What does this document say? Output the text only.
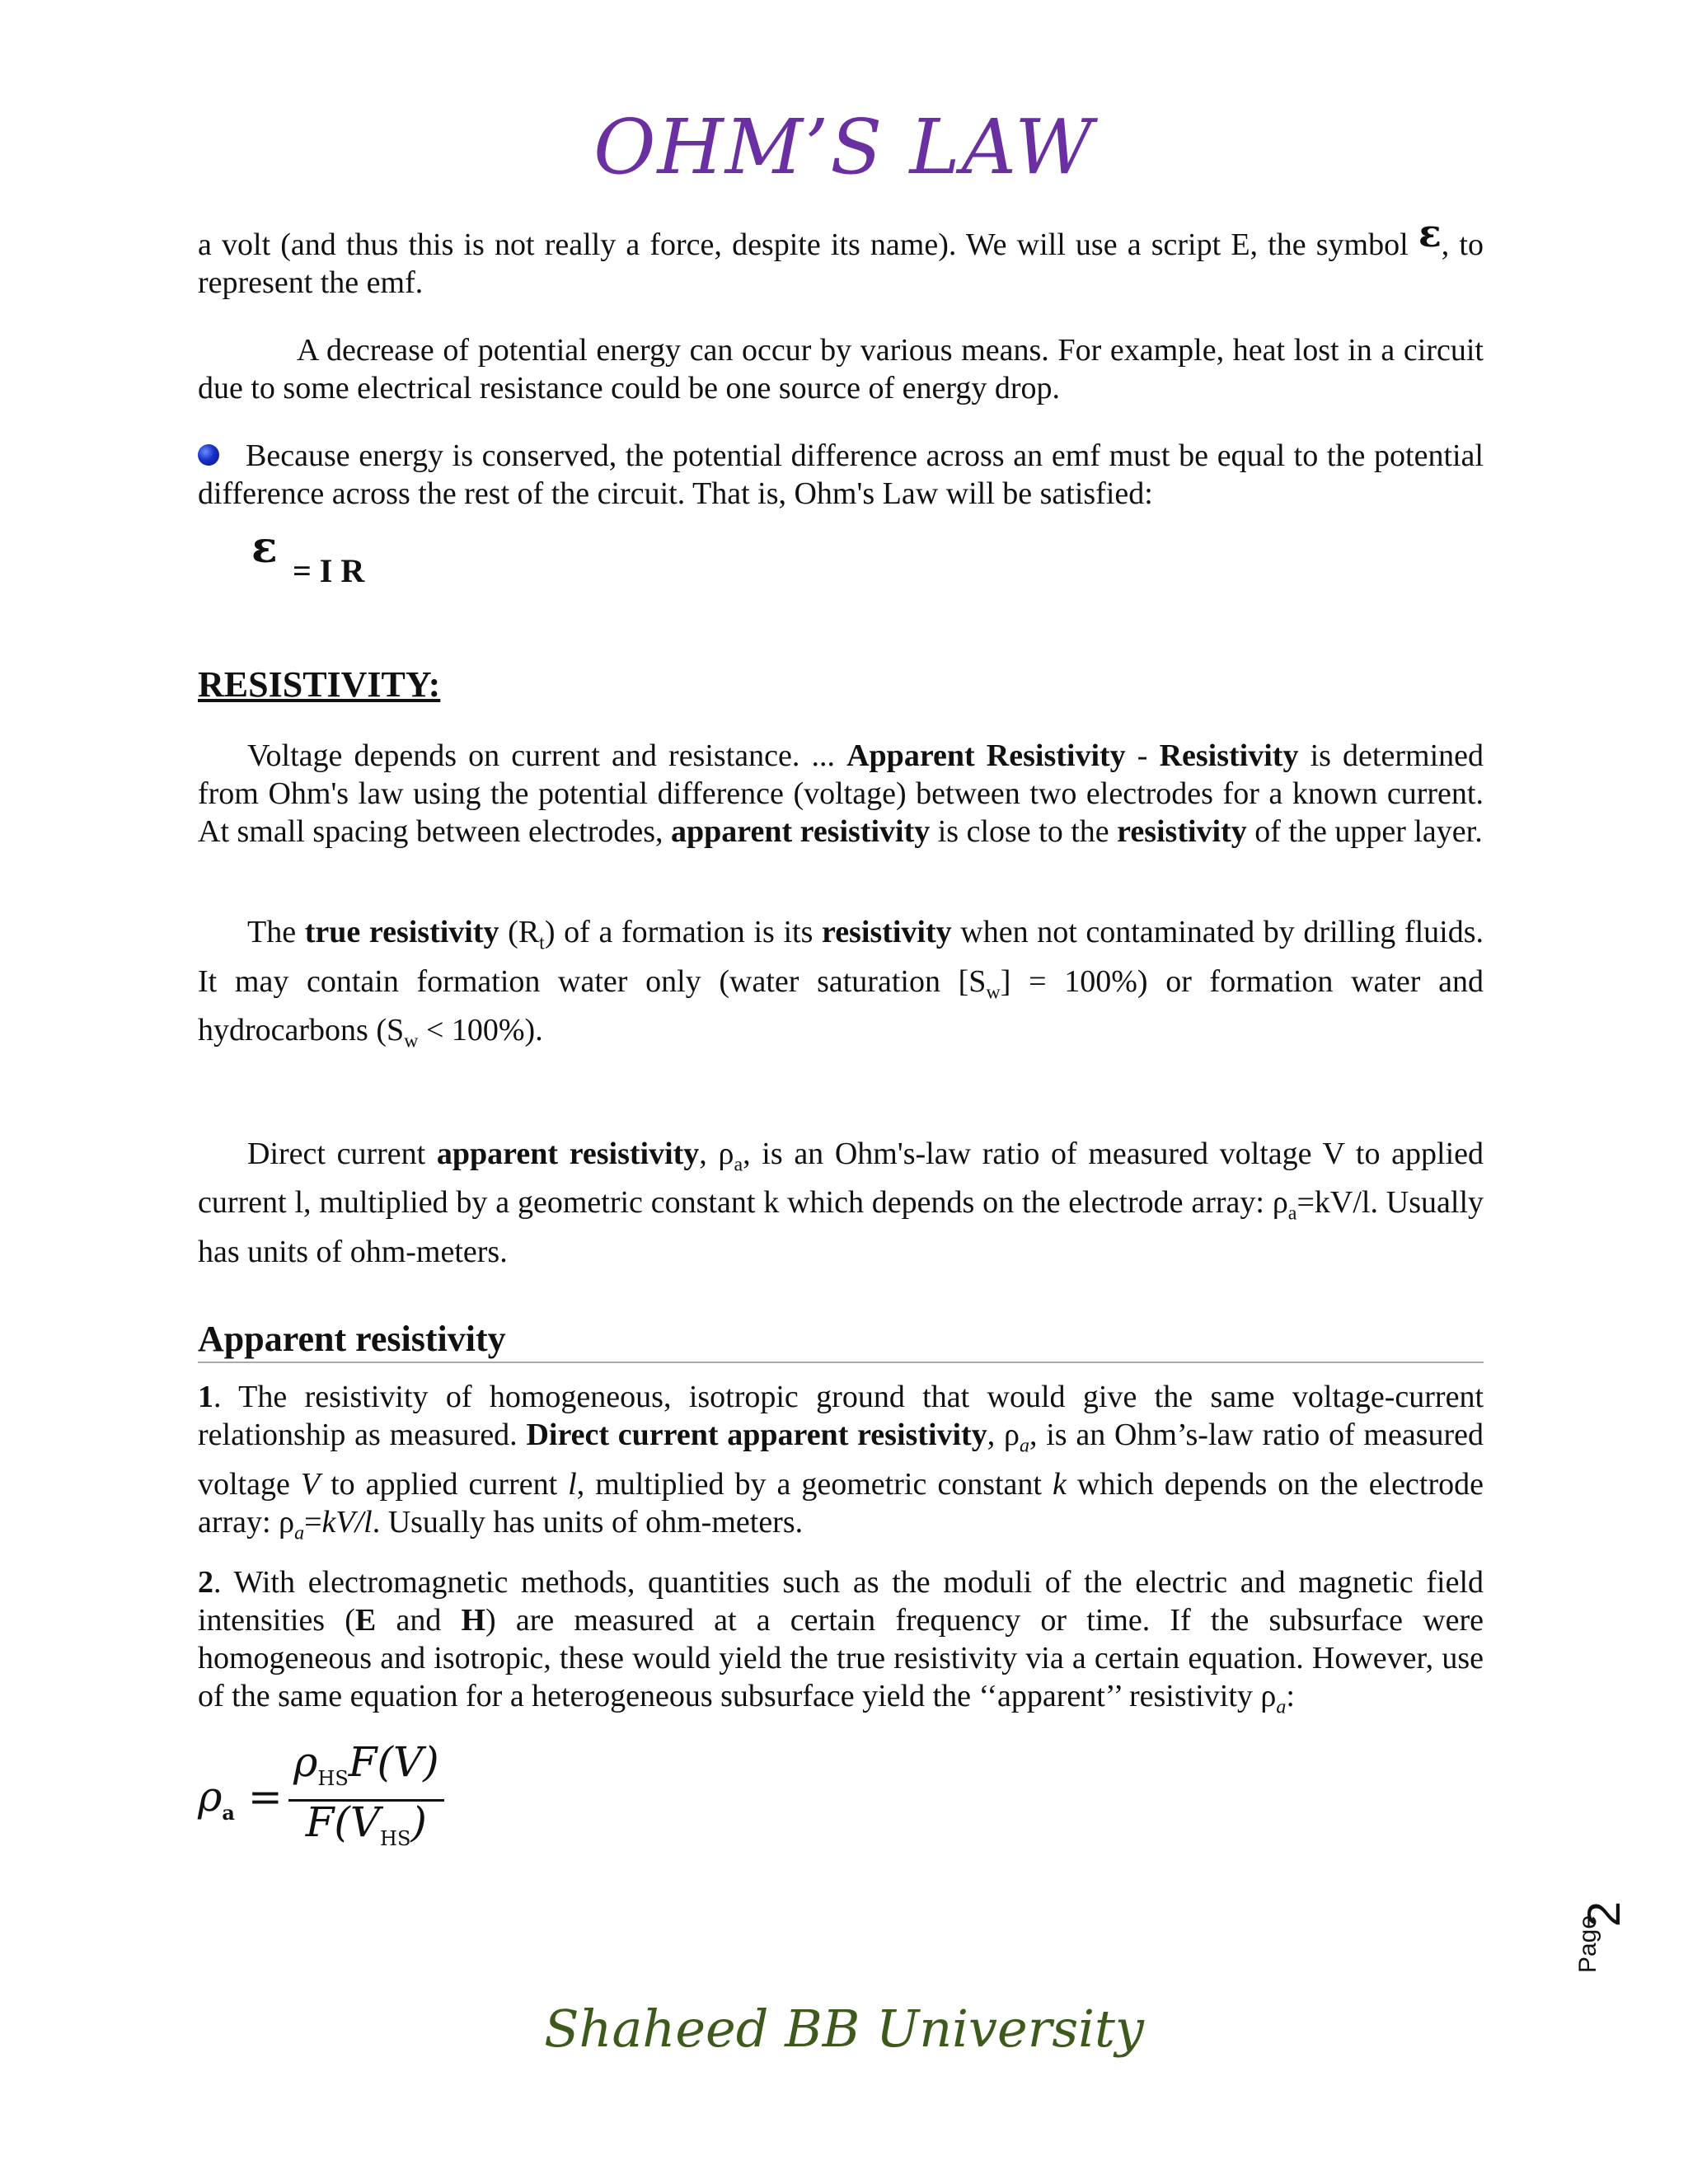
OHM’S LAW

a volt (and thus this is not really a force, despite its name). We will use a script E, the symbol ε, to represent the emf.

A decrease of potential energy can occur by various means. For example, heat lost in a circuit due to some electrical resistance could be one source of energy drop.

Because energy is conserved, the potential difference across an emf must be equal to the potential difference across the rest of the circuit. That is, Ohm's Law will be satisfied:

ε = I R
RESISTIVITY:

Voltage depends on current and resistance. ... Apparent Resistivity - Resistivity is determined from Ohm's law using the potential difference (voltage) between two electrodes for a known current. At small spacing between electrodes, apparent resistivity is close to the resistivity of the upper layer.

The true resistivity $(R_t)$ of a formation is its resistivity when not contaminated by drilling fluids. It may contain formation water only (water saturation $[S_w] = 100\%$) or formation water and hydrocarbons $(S_w < 100\%)$.

Direct current apparent resistivity, $\rho_a$, is an Ohm's-law ratio of measured voltage V to applied current l, multiplied by a geometric constant k which depends on the electrode array: $\rho_a=kV/l$. Usually has units of ohm-meters.

Apparent resistivity

1. The resistivity of homogeneous, isotropic ground that would give the same voltage-current relationship as measured. Direct current apparent resistivity, $\rho_a$, is an Ohm’s-law ratio of measured voltage V to applied current l, multiplied by a geometric constant k which depends on the electrode array: $\rho_a=kV/l$. Usually has units of ohm-meters.

2. With electromagnetic methods, quantities such as the moduli of the electric and magnetic field intensities (E and H) are measured at a certain frequency or time. If the subsurface were homogeneous and isotropic, these would yield the true resistivity via a certain equation. However, use of the same equation for a heterogeneous subsurface yield the ‘‘apparent’’ resistivity $\rho_a$:

$\rho_a$ =
$\rho_{HS}F(V)$
$F(V_{HS})$
Page
2
Shaheed BB University
